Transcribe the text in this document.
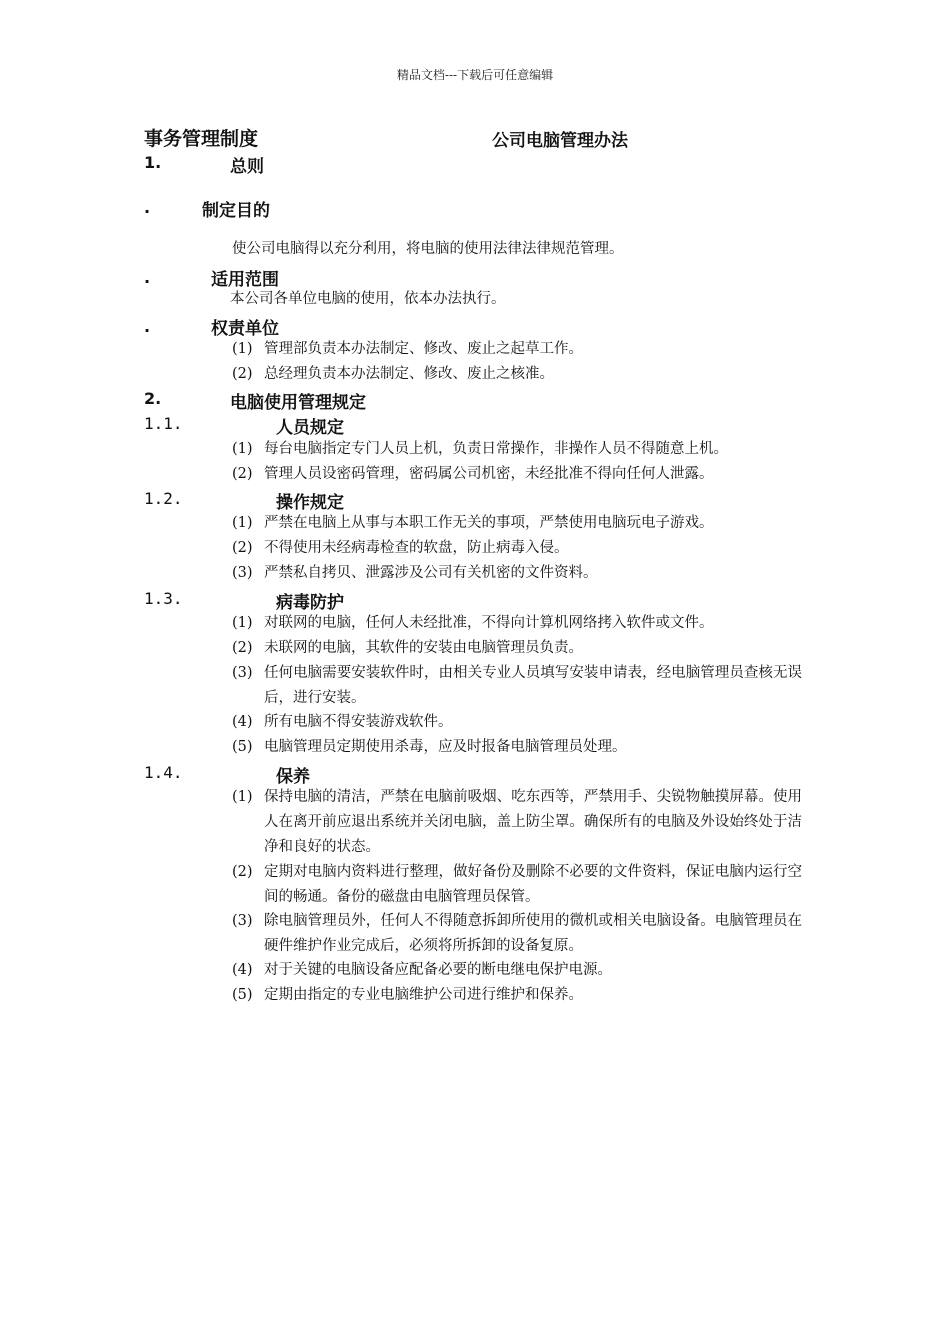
精品文档---下载后可任意编辑
事务管理制度	公司电脑管理办法
1.	总则
.	制定目的
使公司电脑得以充分利用，将电脑的使用法律法律规范管理。
.	适用范围
本公司各单位电脑的使用，依本办法执行。
.	权责单位
(1) 管理部负责本办法制定、修改、废止之起草工作。
(2) 总经理负责本办法制定、修改、废止之核准。
2.	电脑使用管理规定
1.1.	人员规定
(1) 每台电脑指定专门人员上机，负责日常操作，非操作人员不得随意上机。
(2) 管理人员设密码管理，密码属公司机密，未经批准不得向任何人泄露。
1.2.	操作规定
(1) 严禁在电脑上从事与本职工作无关的事项，严禁使用电脑玩电子游戏。
(2) 不得使用未经病毒检查的软盘，防止病毒入侵。
(3) 严禁私自拷贝、泄露涉及公司有关机密的文件资料。
1.3.	病毒防护
(1) 对联网的电脑，任何人未经批准，不得向计算机网络拷入软件或文件。
(2) 未联网的电脑，其软件的安装由电脑管理员负责。
(3) 任何电脑需要安装软件时，由相关专业人员填写安装申请表，经电脑管理员查核无误后，进行安装。
(4) 所有电脑不得安装游戏软件。
(5) 电脑管理员定期使用杀毒，应及时报备电脑管理员处理。
1.4.	保养
(1) 保持电脑的清洁，严禁在电脑前吸烟、吃东西等，严禁用手、尖锐物触摸屏幕。使用人在离开前应退出系统并关闭电脑，盖上防尘罩。确保所有的电脑及外设始终处于洁净和良好的状态。
(2) 定期对电脑内资料进行整理，做好备份及删除不必要的文件资料，保证电脑内运行空间的畅通。备份的磁盘由电脑管理员保管。
(3) 除电脑管理员外，任何人不得随意拆卸所使用的微机或相关电脑设备。电脑管理员在硬件维护作业完成后，必须将所拆卸的设备复原。
(4) 对于关键的电脑设备应配备必要的断电继电保护电源。
(5) 定期由指定的专业电脑维护公司进行维护和保养。
